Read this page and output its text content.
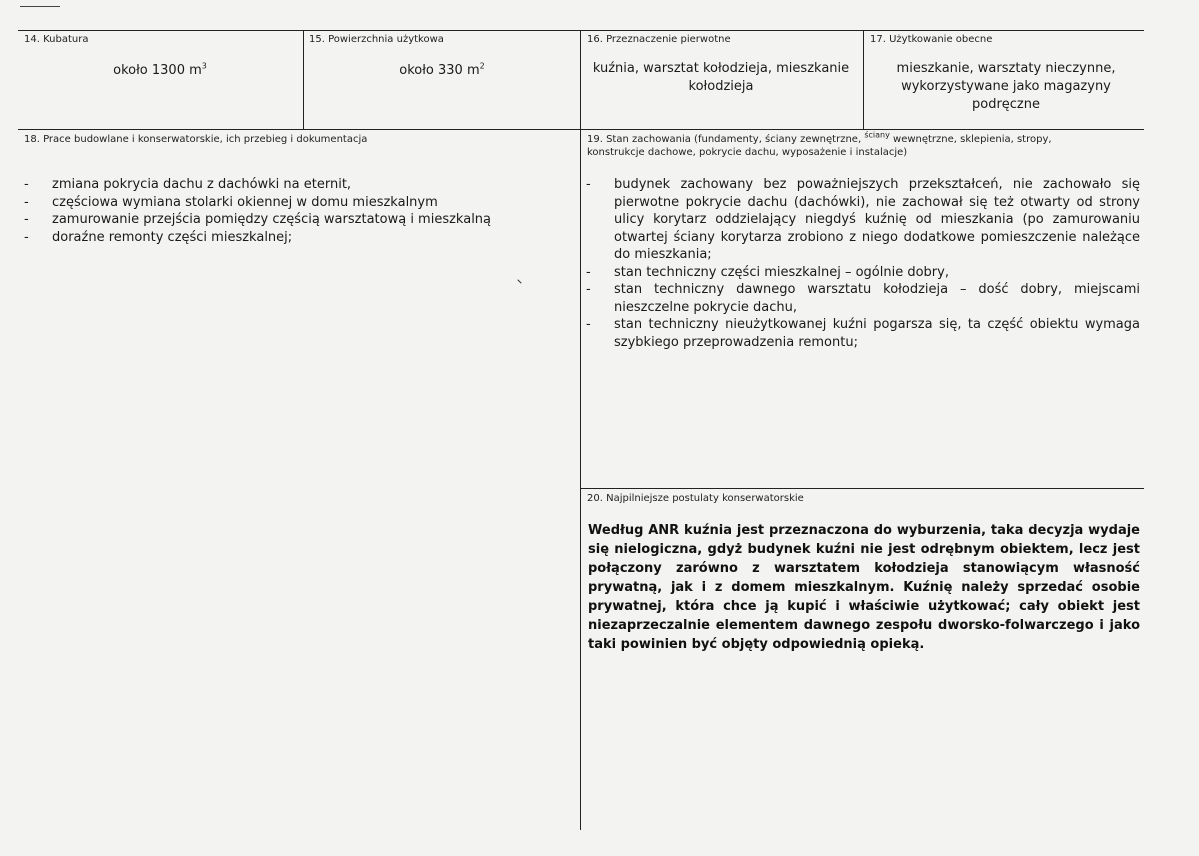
14. Kubatura
około 1300 $m^3$
15. Powierzchnia użytkowa
około 330 $m^2$
16. Przeznaczenie pierwotne
kuźnia, warsztat kołodzieja, mieszkanie kołodzieja
17. Użytkowanie obecne
mieszkanie, warsztaty nieczynne, wykorzystywane jako magazyny podręczne
18. Prace budowlane i konserwatorskie, ich przebieg i dokumentacja
- zmiana pokrycia dachu z dachówki na eternit,
- częściowa wymiana stolarki okiennej w domu mieszkalnym
- zamurowanie przejścia pomiędzy częścią warsztatową i mieszkalną
- doraźne remonty części mieszkalnej;
19. Stan zachowania (fundamenty, ściany zewnętrzne, $^{ściany}$ wewnętrzne, sklepienia, stropy, konstrukcje dachowe, pokrycie dachu, wyposażenie i instalacje)
- budynek zachowany bez poważniejszych przekształceń, nie zachowało się pierwotne pokrycie dachu (dachówki), nie zachował się też otwarty od strony ulicy korytarz oddzielający niegdyś kuźnię od mieszkania (po zamurowaniu otwartej ściany korytarza zrobiono z niego dodatkowe pomieszczenie należące do mieszkania;
- stan techniczny części mieszkalnej – ogólnie dobry,
- stan techniczny dawnego warsztatu kołodzieja – dość dobry, miejscami nieszczelne pokrycie dachu,
- stan techniczny nieużytkowanej kuźni pogarsza się, ta część obiektu wymaga szybkiego przeprowadzenia remontu;
20. Najpilniejsze postulaty konserwatorskie
Według ANR kuźnia jest przeznaczona do wyburzenia, taka decyzja wydaje się nielogiczna, gdyż budynek kuźni nie jest odrębnym obiektem, lecz jest połączony zarówno z warsztatem kołodzieja stanowiącym własność prywatną, jak i z domem mieszkalnym. Kuźnię należy sprzedać osobie prywatnej, która chce ją kupić i właściwie użytkować; cały obiekt jest niezaprzeczalnie elementem dawnego zespołu dworsko-folwarczego i jako taki powinien być objęty odpowiednią opieką.
